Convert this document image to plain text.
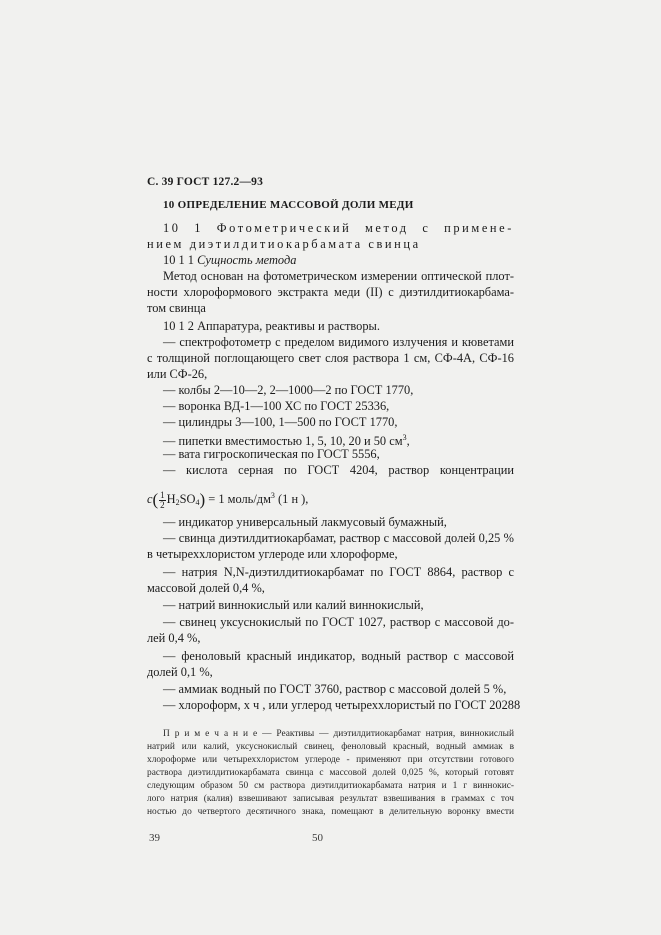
С. 39 ГОСТ 127.2—93
10 ОПРЕДЕЛЕНИЕ МАССОВОЙ ДОЛИ МЕДИ
10 1 Фотометрический метод с примене-
нием диэтилдитиокарбамата свинца
10 1 1 Сущность метода
Метод основан на фотометрическом измерении оптической плот-
ности хлороформового экстракта меди (II) с диэтилдитиокарбама-
том свинца
10 1 2 Аппаратура, реактивы и растворы.
— спектрофотометр с пределом видимого излучения и кюветами
с толщиной поглощающего свет слоя раствора 1 см, СФ-4А, СФ-16
или СФ-26,
— колбы 2—10—2, 2—1000—2 по ГОСТ 1770,
— воронка ВД-1—100 ХС по ГОСТ 25336,
— цилиндры 3—100, 1—500 по ГОСТ 1770,
— пипетки вместимостью 1, 5, 10, 20 и 50 $см^3$,
— вата гигроскопическая по ГОСТ 5556,
— кислота серная по ГОСТ 4204, раствор концентрации
$c( \frac{1}{2} H_2SO_4) = 1$ моль/$дм^3$ (1 н ),
— индикатор универсальный лакмусовый бумажный,
— свинца диэтилдитиокарбамат, раствор с массовой долей 0,25 %
в четыреххлористом углероде или хлороформе,
— натрия N,N-диэтилдитиокарбамат по ГОСТ 8864, раствор с
массовой долей 0,4 %,
— натрий виннокислый или калий виннокислый,
— свинец уксуснокислый по ГОСТ 1027, раствор с массовой до-
лей 0,4 %,
— феноловый красный индикатор, водный раствор с массовой
долей 0,1 %,
— аммиак водный по ГОСТ 3760, раствор с массовой долей 5 %,
— хлороформ, х ч , или углерод четыреххлористый по ГОСТ 20288
П р и м е ч а н и е — Реактивы — диэтилдитиокарбамат натрия, виннокислый
натрий или калий, уксуснокислый свинец, феноловый красный, водный аммиак в
хлороформе или четыреххлористом углероде - применяют при отсутствии готового
раствора диэтилдитиокарбамата свинца с массовой долей 0,025 %, который готовят
следующим образом 50 см раствора диэтилдитиокарбамата натрия и 1 г виннокис-
лого натрия (калия) взвешивают записывая результат взвешивания в граммах с точ
ностью до четвертого десятичного знака, помещают в делительную воронку вмести
39	50
